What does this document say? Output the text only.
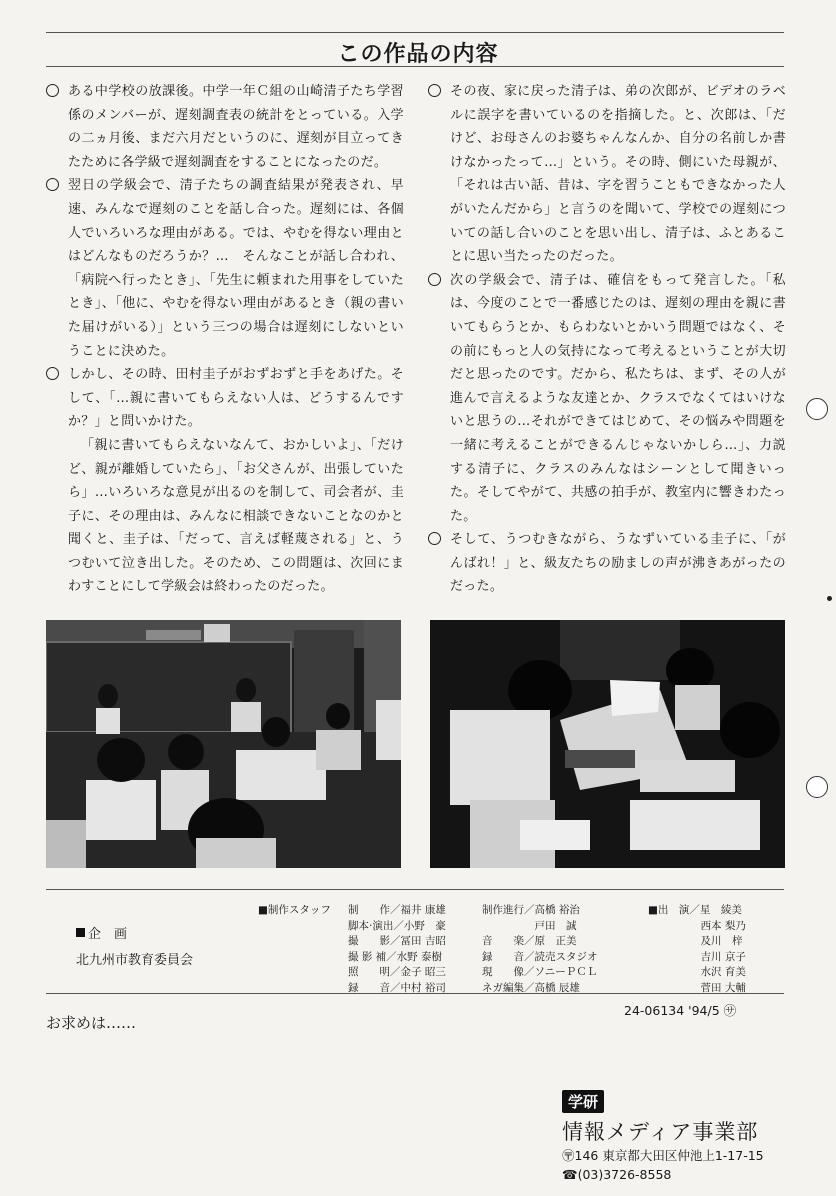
この作品の内容

ある中学校の放課後。中学一年Ｃ組の山崎清子たち学習係のメンバーが、遅刻調査表の統計をとっている。入学の二ヵ月後、まだ六月だというのに、遅刻が目立ってきたために各学級で遅刻調査をすることになったのだ。

翌日の学級会で、清子たちの調査結果が発表され、早速、みんなで遅刻のことを話し合った。遅刻には、各個人でいろいろな理由がある。では、やむを得ない理由とはどんなものだろうか？…　そんなことが話し合われ、「病院へ行ったとき」、「先生に頼まれた用事をしていたとき」、「他に、やむを得ない理由があるとき（親の書いた届けがいる）」という三つの場合は遅刻にしないということに決めた。

しかし、その時、田村圭子がおずおずと手をあげた。そして、「…親に書いてもらえない人は、どうするんですか？」と問いかけた。

「親に書いてもらえないなんて、おかしいよ」、「だけど、親が離婚していたら」、「お父さんが、出張していたら」…いろいろな意見が出るのを制して、司会者が、圭子に、その理由は、みんなに相談できないことなのかと聞くと、圭子は、「だって、言えば軽蔑される」と、うつむいて泣き出した。そのため、この問題は、次回にまわすことにして学級会は終わったのだった。

その夜、家に戻った清子は、弟の次郎が、ビデオのラベルに誤字を書いているのを指摘した。と、次郎は、「だけど、お母さんのお婆ちゃんなんか、自分の名前しか書けなかったって…」という。その時、側にいた母親が、「それは古い話、昔は、字を習うこともできなかった人がいたんだから」と言うのを聞いて、学校での遅刻についての話し合いのことを思い出し、清子は、ふとあることに思い当たったのだった。

次の学級会で、清子は、確信をもって発言した。「私は、今度のことで一番感じたのは、遅刻の理由を親に書いてもらうとか、もらわないとかいう問題ではなく、その前にもっと人の気持になって考えるということが大切だと思ったのです。だから、私たちは、まず、その人が進んで言えるような友達とか、クラスでなくてはいけないと思うの…それができてはじめて、その悩みや問題を一緒に考えることができるんじゃないかしら…」、力説する清子に、クラスのみんなはシーンとして聞きいった。そしてやがて、共感の拍手が、教室内に響きわたった。

そして、うつむきながら、うなずいている圭子に、「がんばれ！」と、級友たちの励ましの声が沸きあがったのだった。

企　画
北九州市教育委員会
■制作スタッフ 制　　作／福井 康雄
脚本·演出／小野　豪
撮　　影／冨田 吉昭
撮 影 補／水野 泰樹
照　　明／金子 昭三
録　　音／中村 裕司
制作進行／高橋 裕治
　　　　　戸田　誠
音　　楽／原　正美
録　　音／読売スタジオ
現　　像／ソニーＰＣＬ
ネガ編集／高橋 辰雄
■出　演／星　綾美
　　　　　西本 梨乃
　　　　　及川　梓
　　　　　吉川 京子
　　　　　水沢 育美
　　　　　菅田 大輔
24-06134 '94/5 ㋚
お求めは……
学研
情報メディア事業部
〶146 東京都大田区仲池上1-17-15
☎(03)3726-8558
